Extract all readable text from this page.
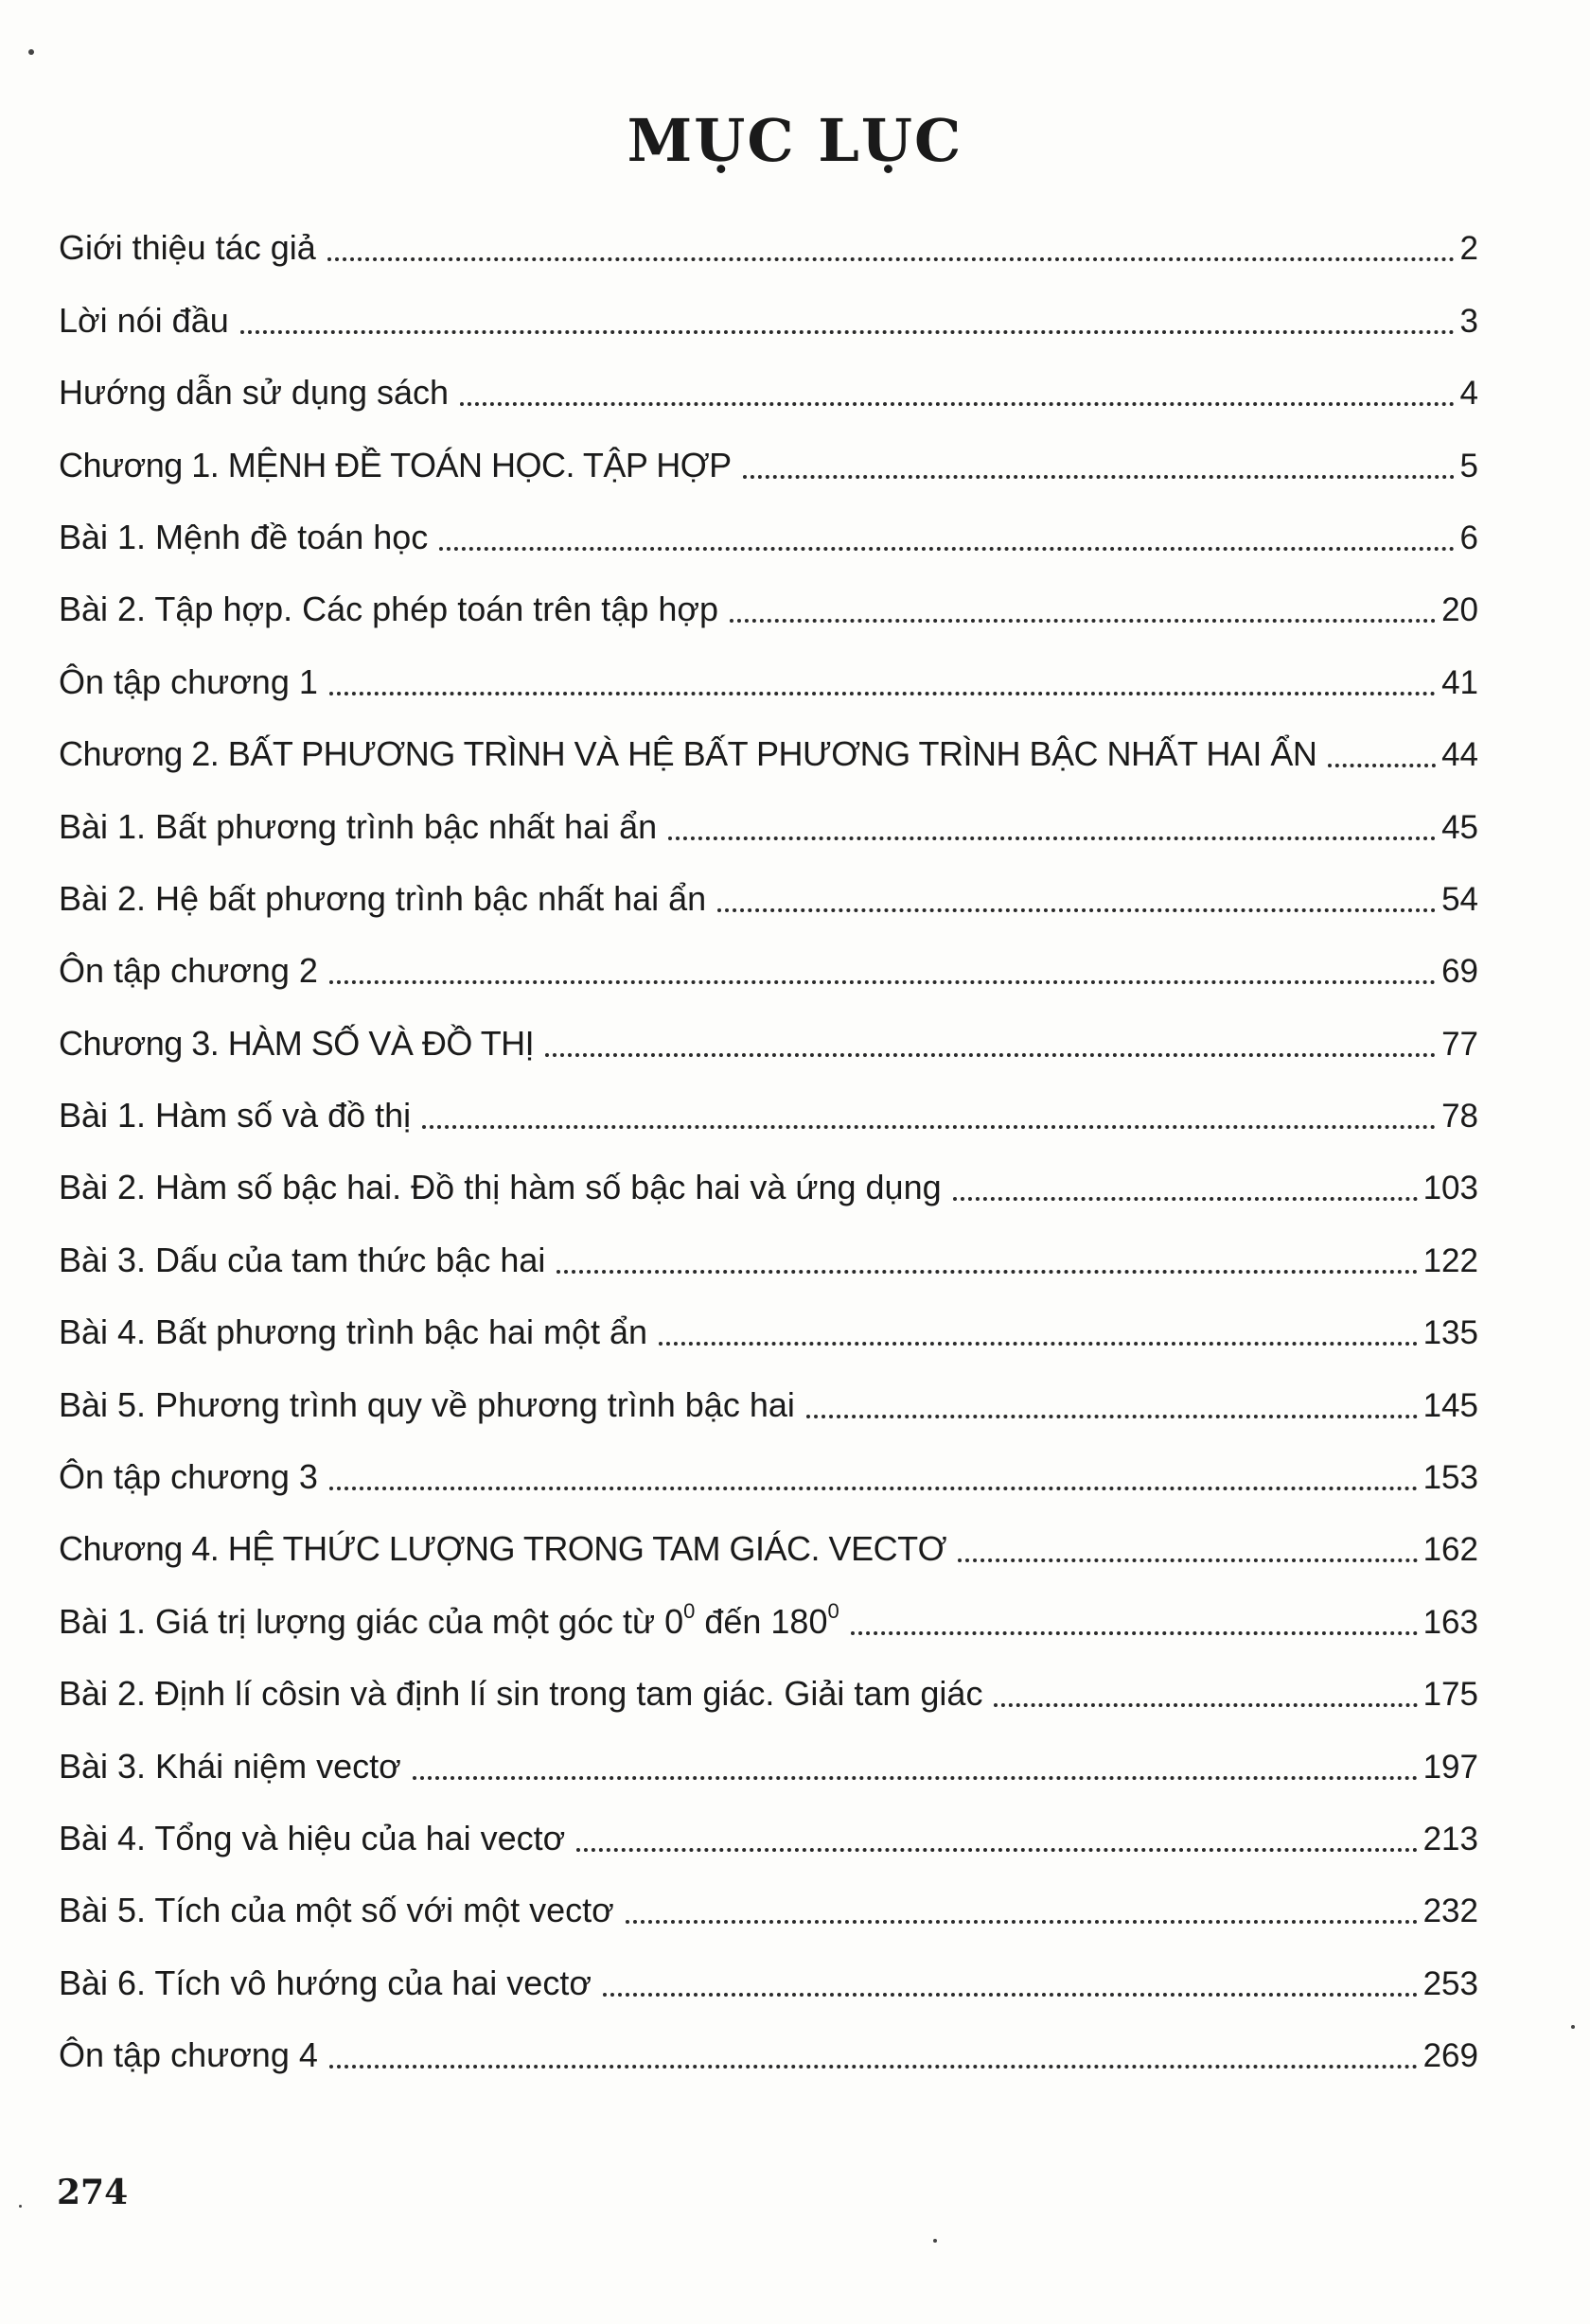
MỤC LỤC
Giới thiệu tác giả	2
Lời nói đầu	3
Hướng dẫn sử dụng sách	4
Chương 1. MỆNH ĐỀ TOÁN HỌC. TẬP HỢP	5
Bài 1. Mệnh đề toán học	6
Bài 2. Tập hợp. Các phép toán trên tập hợp	20
Ôn tập chương 1	41
Chương 2. BẤT PHƯƠNG TRÌNH VÀ HỆ BẤT PHƯƠNG TRÌNH BẬC NHẤT HAI ẨN	44
Bài 1. Bất phương trình bậc nhất hai ẩn	45
Bài 2. Hệ bất phương trình bậc nhất hai ẩn	54
Ôn tập chương 2	69
Chương 3. HÀM SỐ VÀ ĐỒ THỊ	77
Bài 1. Hàm số và đồ thị	78
Bài 2. Hàm số bậc hai. Đồ thị hàm số bậc hai và ứng dụng	103
Bài 3. Dấu của tam thức bậc hai	122
Bài 4. Bất phương trình bậc hai một ẩn	135
Bài 5. Phương trình quy về phương trình bậc hai	145
Ôn tập chương 3	153
Chương 4. HỆ THỨC LƯỢNG TRONG TAM GIÁC. VECTƠ	162
Bài 1. Giá trị lượng giác của một góc từ $0^0$ đến $180^0$	163
Bài 2. Định lí côsin và định lí sin trong tam giác. Giải tam giác	175
Bài 3. Khái niệm vectơ	197
Bài 4. Tổng và hiệu của hai vectơ	213
Bài 5. Tích của một số với một vectơ	232
Bài 6. Tích vô hướng của hai vectơ	253
Ôn tập chương 4	269
274
